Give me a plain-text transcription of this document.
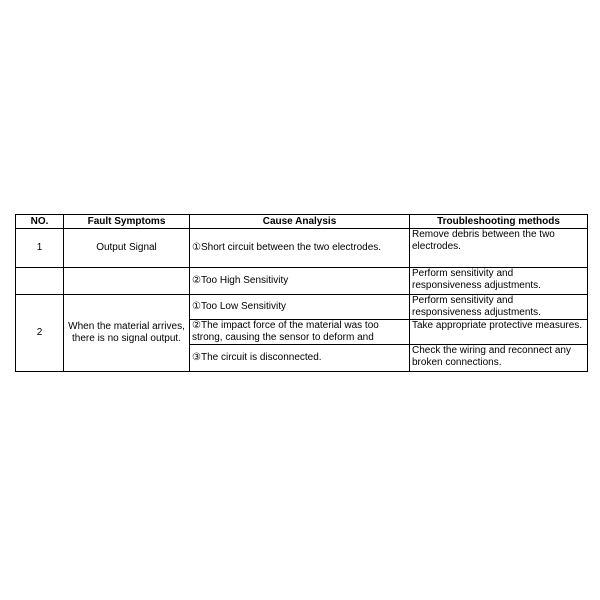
NO.	Fault Symptoms	Cause Analysis	Troubleshooting methods
1	Output Signal	①Short circuit between the two electrodes.	Remove debris between the two electrodes.
		②Too High Sensitivity	Perform sensitivity and responsiveness adjustments.
2	When the material arrives, there is no signal output.	①Too Low Sensitivity	Perform sensitivity and responsiveness adjustments.

		②The impact force of the material was too strong, causing the sensor to deform and	Take appropriate protective measures.
		③The circuit is disconnected.	Check the wiring and reconnect any broken connections.
